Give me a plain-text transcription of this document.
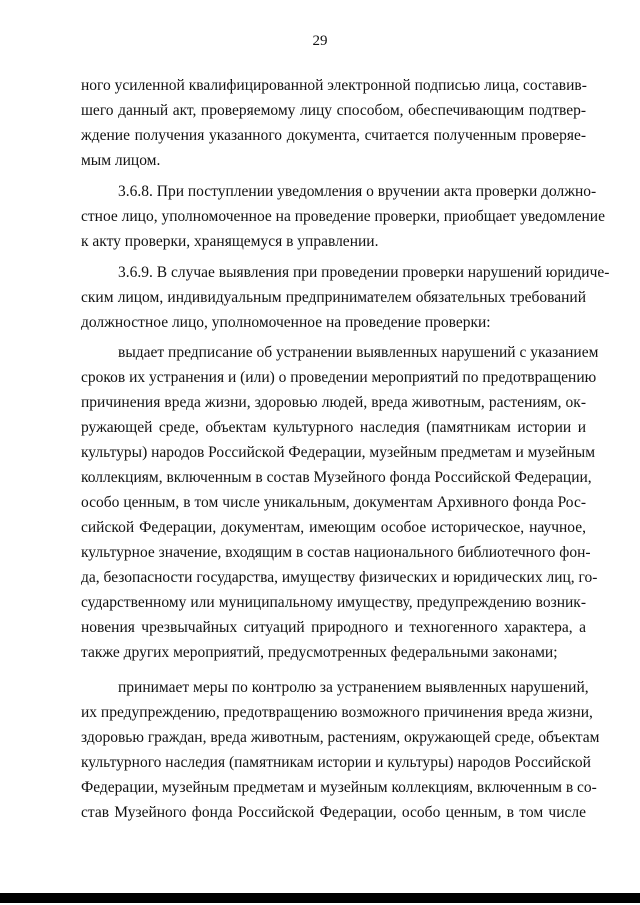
29
ного усиленной квалифицированной электронной подписью лица, составив-
шего данный акт, проверяемому лицу способом, обеспечивающим подтвер-
ждение получения указанного документа, считается полученным проверяе-
мым лицом.
3.6.8. При поступлении уведомления о вручении акта проверки должно-
стное лицо, уполномоченное на проведение проверки, приобщает уведомление
к акту проверки, хранящемуся в управлении.
3.6.9. В случае выявления при проведении проверки нарушений юридиче-
ским лицом, индивидуальным предпринимателем обязательных требований
должностное лицо, уполномоченное на проведение проверки:
выдает предписание об устранении выявленных нарушений с указанием
сроков их устранения и (или) о проведении мероприятий по предотвращению
причинения вреда жизни, здоровью людей, вреда животным, растениям, ок-
ружающей среде, объектам культурного наследия (памятникам истории и
культуры) народов Российской Федерации, музейным предметам и музейным
коллекциям, включенным в состав Музейного фонда Российской Федерации,
особо ценным, в том числе уникальным, документам Архивного фонда Рос-
сийской Федерации, документам, имеющим особое историческое, научное,
культурное значение, входящим в состав национального библиотечного фон-
да, безопасности государства, имуществу физических и юридических лиц, го-
сударственному или муниципальному имуществу, предупреждению возник-
новения чрезвычайных ситуаций природного и техногенного характера, а
также других мероприятий, предусмотренных федеральными законами;
принимает меры по контролю за устранением выявленных нарушений,
их предупреждению, предотвращению возможного причинения вреда жизни,
здоровью граждан, вреда животным, растениям, окружающей среде, объектам
культурного наследия (памятникам истории и культуры) народов Российской
Федерации, музейным предметам и музейным коллекциям, включенным в со-
став Музейного фонда Российской Федерации, особо ценным, в том числе
